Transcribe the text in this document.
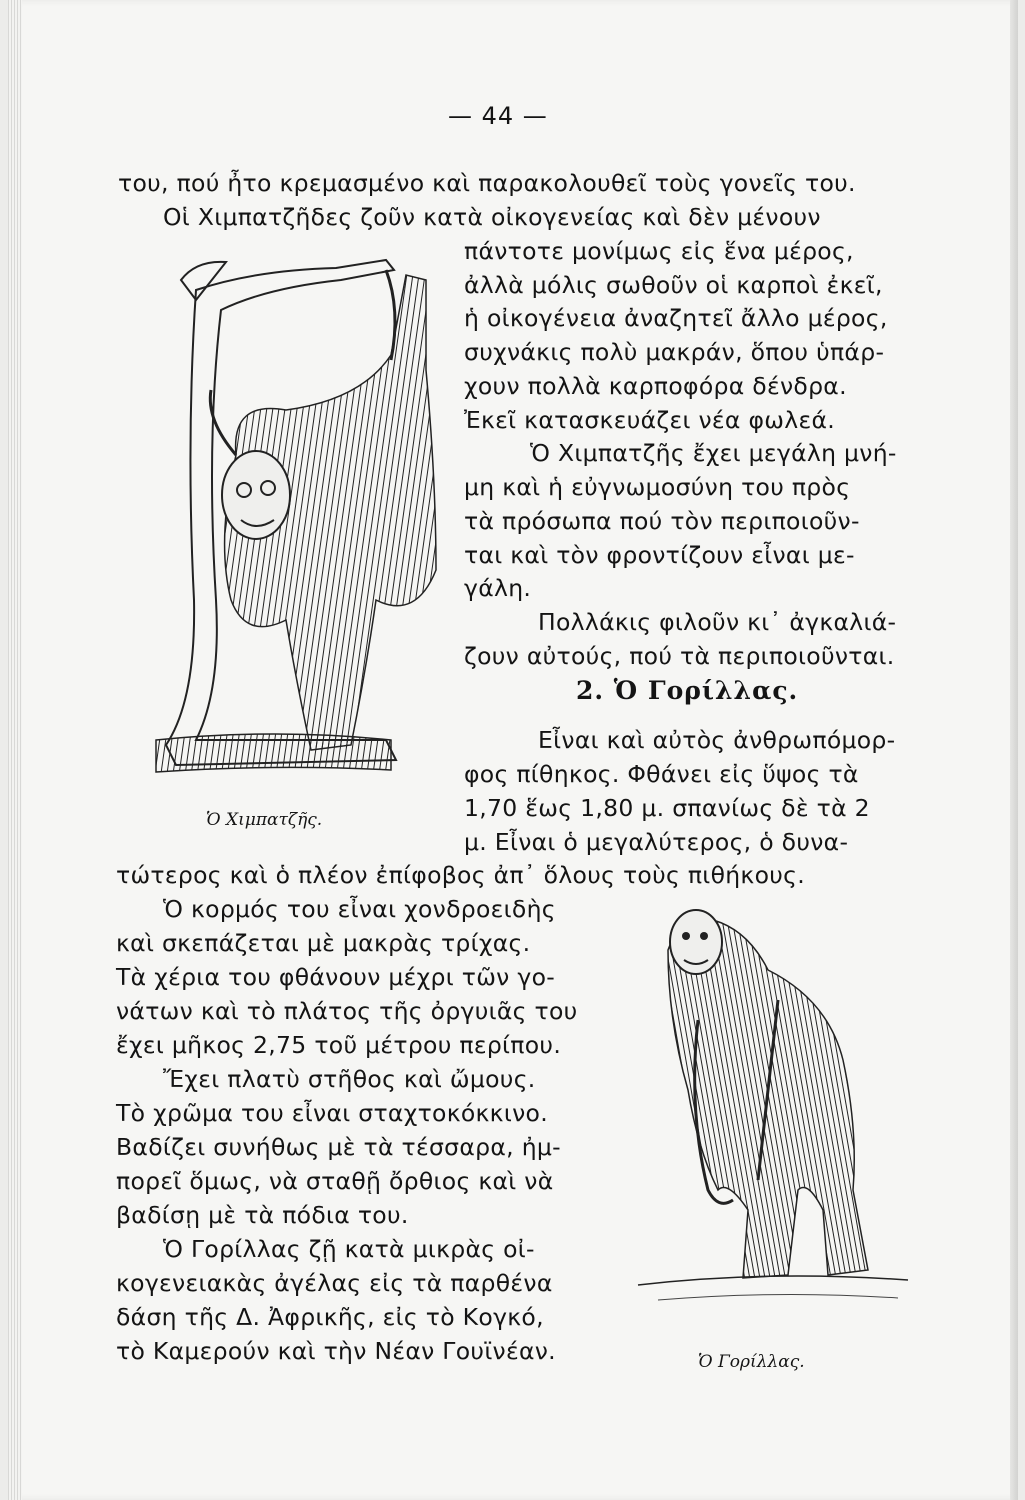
— 44 —
του, πού ἦτο κρεμασμένο καὶ παρακολουθεῖ τοὺς γονεῖς του.
Οἱ Χιμπατζῆδες ζοῦν κατὰ οἰκογενείας καὶ δὲν μένουν
πάντοτε μονίμως εἰς ἕνα μέρος,
ἀλλὰ μόλις σωθοῦν οἱ καρποὶ ἐκεῖ,
ἡ οἰκογένεια ἀναζητεῖ ἄλλο μέρος,
συχνάκις πολὺ μακράν, ὅπου ὑπάρ-
χουν πολλὰ καρποφόρα δένδρα.
Ἐκεῖ κατασκευάζει νέα φωλεά.
Ὁ Χιμπατζῆς ἔχει μεγάλη μνή-
μη καὶ ἡ εὐγνωμοσύνη του πρὸς
τὰ πρόσωπα πού τὸν περιποιοῦν-
ται καὶ τὸν φροντίζουν εἶναι με-
γάλη.
Πολλάκις φιλοῦν κι᾽ ἀγκαλιά-
ζουν αὐτούς, πού τὰ περιποιοῦνται.
2. Ὁ Γορίλλας.
Εἶναι καὶ αὐτὸς ἀνθρωπόμορ-
φος πίθηκος. Φθάνει εἰς ὕψος τὰ
1,70 ἕως 1,80 μ. σπανίως δὲ τὰ 2
μ. Εἶναι ὁ μεγαλύτερος, ὁ δυνα-
τώτερος καὶ ὁ πλέον ἐπίφοβος ἀπ᾽ ὅλους τοὺς πιθήκους.
Ὁ κορμός του εἶναι χονδροειδὴς
καὶ σκεπάζεται μὲ μακρὰς τρίχας.
Τὰ χέρια του φθάνουν μέχρι τῶν γο-
νάτων καὶ τὸ πλάτος τῆς ὀργυιᾶς του
ἔχει μῆκος 2,75 τοῦ μέτρου περίπου.
Ἔχει πλατὺ στῆθος καὶ ὤμους.
Τὸ χρῶμα του εἶναι σταχτοκόκκινο.
Βαδίζει συνήθως μὲ τὰ τέσσαρα, ἠμ-
πορεῖ ὅμως, νὰ σταθῇ ὄρθιος καὶ νὰ
βαδίσῃ μὲ τὰ πόδια του.
Ὁ Γορίλλας ζῇ κατὰ μικρὰς οἰ-
κογενειακὰς ἀγέλας εἰς τὰ παρθένα
δάση τῆς Δ. Ἀφρικῆς, εἰς τὸ Κογκό,
τὸ Καμερούν καὶ τὴν Νέαν Γουϊνέαν.
Ὁ Χιμπατζῆς.
Ὁ Γορίλλας.
